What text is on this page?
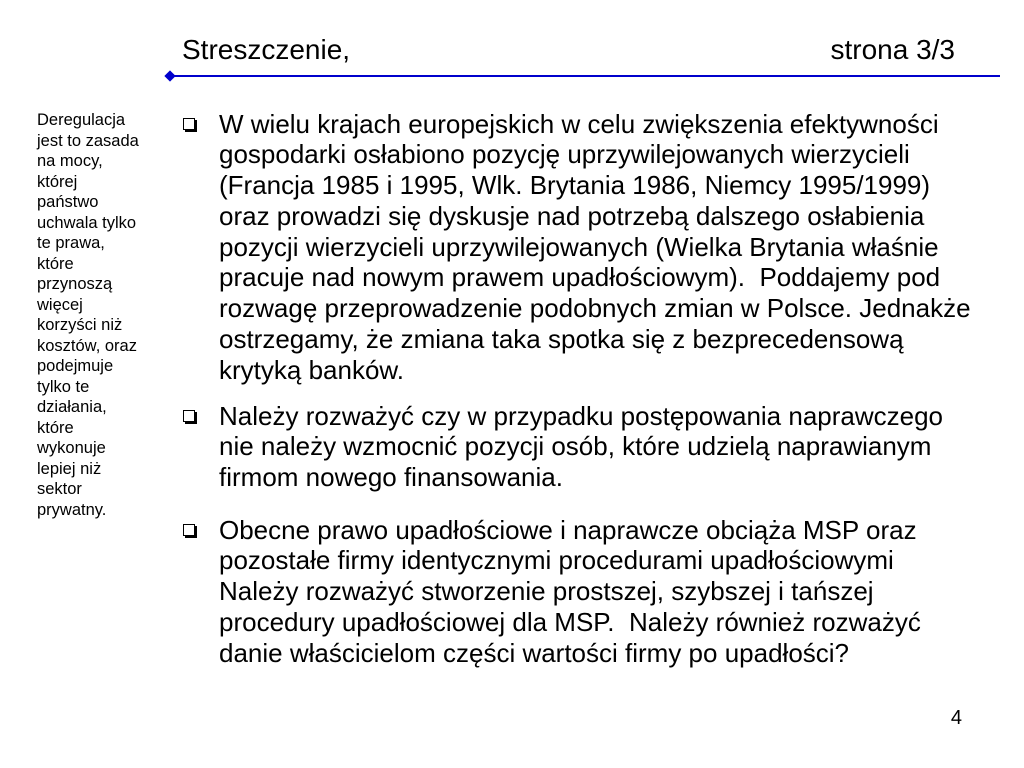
Streszczenie,	strona 3/3
Deregulacja
jest to zasada
na mocy,
której
państwo
uchwala tylko
te prawa,
które
przynoszą
więcej
korzyści niż
kosztów, oraz
podejmuje
tylko te
działania,
które
wykonuje
lepiej niż
sektor
prywatny.
W wielu krajach europejskich w celu zwiększenia efektywności
gospodarki osłabiono pozycję uprzywilejowanych wierzycieli
(Francja 1985 i 1995, Wlk. Brytania 1986, Niemcy 1995/1999)
oraz prowadzi się dyskusje nad potrzebą dalszego osłabienia
pozycji wierzycieli uprzywilejowanych (Wielka Brytania właśnie
pracuje nad nowym prawem upadłościowym).  Poddajemy pod
rozwagę przeprowadzenie podobnych zmian w Polsce. Jednakże
ostrzegamy, że zmiana taka spotka się z bezprecedensową
krytyką banków.
Należy rozważyć czy w przypadku postępowania naprawczego
nie należy wzmocnić pozycji osób, które udzielą naprawianym
firmom nowego finansowania.
Obecne prawo upadłościowe i naprawcze obciąża MSP oraz
pozostałe firmy identycznymi procedurami upadłościowymi
Należy rozważyć stworzenie prostszej, szybszej i tańszej
procedury upadłościowej dla MSP.  Należy również rozważyć
danie właścicielom części wartości firmy po upadłości?
4
